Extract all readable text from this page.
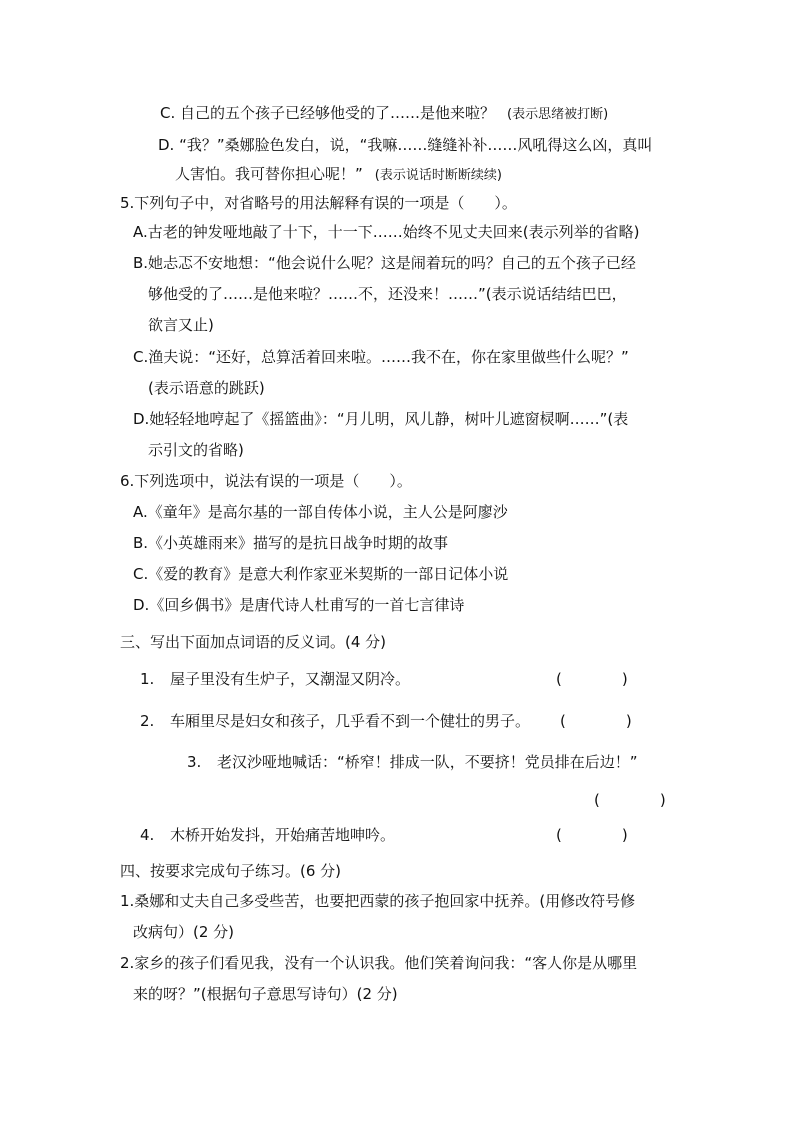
C. 自己的五个孩子已经够他受的了……是他来啦？ (表示思绪被打断)
D. “我？”桑娜脸色发白，说，“我嘛……缝缝补补……风吼得这么凶，真叫
人害怕。我可替你担心呢！” (表示说话时断断续续)
5.下列句子中，对省略号的用法解释有误的一项是（　　）。
A.古老的钟发哑地敲了十下，十一下……始终不见丈夫回来(表示列举的省略)
B.她忐忑不安地想：“他会说什么呢？这是闹着玩的吗？自己的五个孩子已经
够他受的了……是他来啦？……不，还没来！……”(表示说话结结巴巴，
欲言又止)
C.渔夫说：“还好，总算活着回来啦。……我不在，你在家里做些什么呢？”
(表示语意的跳跃)
D.她轻轻地哼起了《摇篮曲》：“月儿明，风儿静，树叶儿遮窗棂啊……”(表
示引文的省略)
6.下列选项中，说法有误的一项是（　　）。
A.《童年》是高尔基的一部自传体小说，主人公是阿廖沙
B.《小英雄雨来》描写的是抗日战争时期的故事
C.《爱的教育》是意大利作家亚米契斯的一部日记体小说
D.《回乡偶书》是唐代诗人杜甫写的一首七言律诗
三、写出下面加点词语的反义词。(4 分)
1. 屋子里没有生炉子，又潮湿又阴冷。	(　　　　)
2. 车厢里尽是妇女和孩子，几乎看不到一个健壮的男子。 (　　　　)
3. 老汉沙哑地喊话：“桥窄！排成一队，不要挤！党员排在后边！”
(　　　　)
4. 木桥开始发抖，开始痛苦地呻吟。	(　　　　)
四、按要求完成句子练习。(6 分)
1.桑娜和丈夫自己多受些苦，也要把西蒙的孩子抱回家中抚养。(用修改符号修
改病句）(2 分)
2.家乡的孩子们看见我，没有一个认识我。他们笑着询问我：“客人你是从哪里
来的呀？”(根据句子意思写诗句）(2 分)
